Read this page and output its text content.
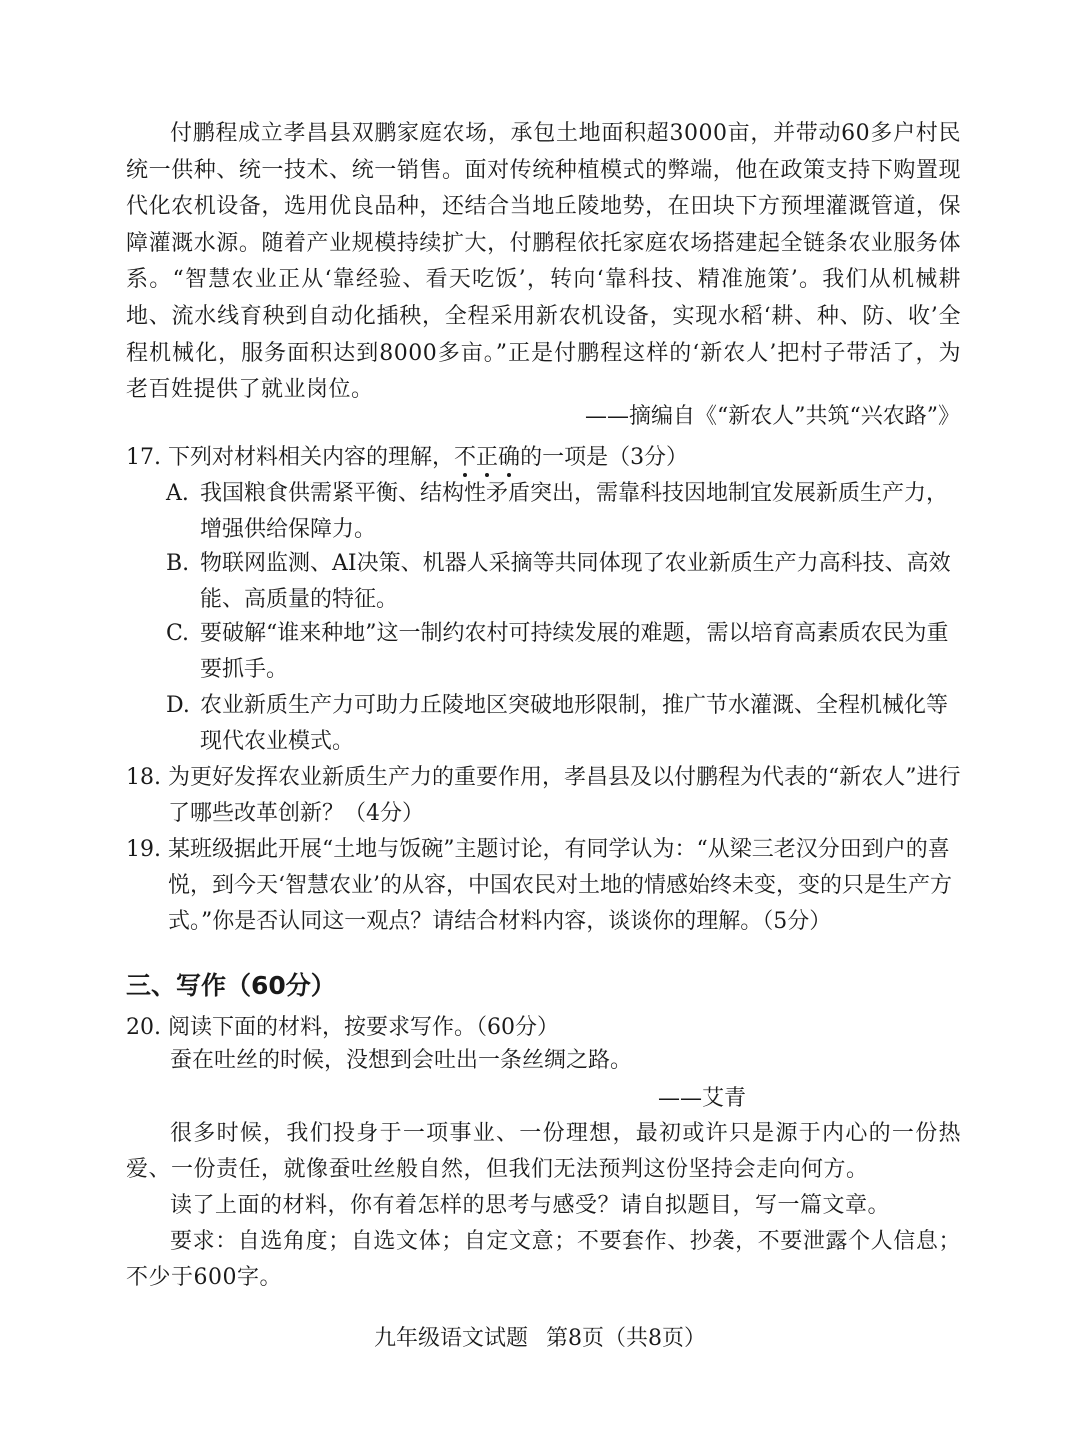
付鹏程成立孝昌县双鹏家庭农场，承包土地面积超3000亩，并带动60多户村民统一供种、统一技术、统一销售。面对传统种植模式的弊端，他在政策支持下购置现代化农机设备，选用优良品种，还结合当地丘陵地势，在田块下方预埋灌溉管道，保障灌溉水源。随着产业规模持续扩大，付鹏程依托家庭农场搭建起全链条农业服务体系。“智慧农业正从‘靠经验、看天吃饭’，转向‘靠科技、精准施策’。我们从机械耕地、流水线育秧到自动化插秧，全程采用新农机设备，实现水稻‘耕、种、防、收’全程机械化，服务面积达到8000多亩。”正是付鹏程这样的‘新农人’把村子带活了，为老百姓提供了就业岗位。

——摘编自《“新农人”共筑“兴农路”》
17. 下列对材料相关内容的理解，不正确的一项是（3分）
A. 我国粮食供需紧平衡、结构性矛盾突出，需靠科技因地制宜发展新质生产力，增强供给保障力。
B. 物联网监测、AI决策、机器人采摘等共同体现了农业新质生产力高科技、高效能、高质量的特征。
C. 要破解“谁来种地”这一制约农村可持续发展的难题，需以培育高素质农民为重要抓手。
D. 农业新质生产力可助力丘陵地区突破地形限制，推广节水灌溉、全程机械化等现代农业模式。
18. 为更好发挥农业新质生产力的重要作用，孝昌县及以付鹏程为代表的“新农人”进行了哪些改革创新？（4分）
19. 某班级据此开展“土地与饭碗”主题讨论，有同学认为：“从梁三老汉分田到户的喜悦，到今天‘智慧农业’的从容，中国农民对土地的情感始终未变，变的只是生产方式。”你是否认同这一观点？请结合材料内容，谈谈你的理解。（5分）
三、写作（60分）
20. 阅读下面的材料，按要求写作。（60分）
蚕在吐丝的时候，没想到会吐出一条丝绸之路。
——艾青

很多时候，我们投身于一项事业、一份理想，最初或许只是源于内心的一份热爱、一份责任，就像蚕吐丝般自然，但我们无法预判这份坚持会走向何方。

读了上面的材料，你有着怎样的思考与感受？请自拟题目，写一篇文章。

要求：自选角度；自选文体；自定文意；不要套作、抄袭，不要泄露个人信息；不少于600字。

九年级语文试题 第8页（共8页）
